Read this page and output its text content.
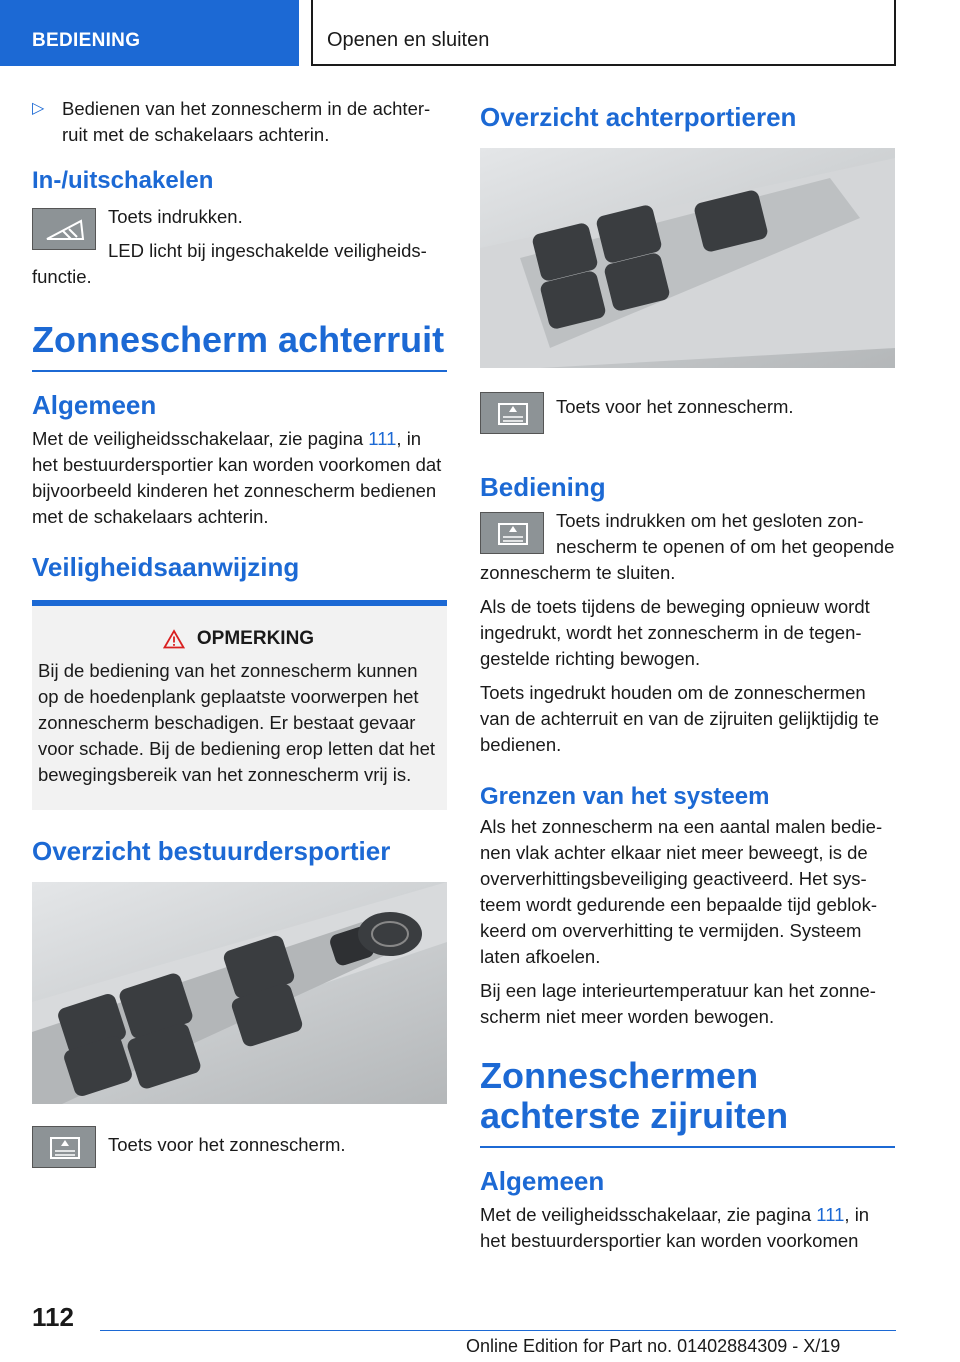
BEDIENING	Openen en sluiten

▷ Bedienen van het zonnescherm in de achterruit met de schakelaars achterin.

In-/uitschakelen

Toets indrukken.

LED licht bij ingeschakelde veiligheidsfunctie.

Zonnescherm achterruit
Algemeen

Met de veiligheidsschakelaar, zie pagina 111, in het bestuurdersportier kan worden voorkomen dat bijvoorbeeld kinderen het zonnescherm bedienen met de schakelaars achterin.

Veiligheidsaanwijzing
OPMERKING

Bij de bediening van het zonnescherm kunnen op de hoedenplank geplaatste voorwerpen het zonnescherm beschadigen. Er bestaat gevaar voor schade. Bij de bediening erop letten dat het bewegingsbereik van het zonnescherm vrij is.

Overzicht bestuurdersportier

Toets voor het zonnescherm.

Overzicht achterportieren

Toets voor het zonnescherm.

Bediening

Toets indrukken om het gesloten zonnescherm te openen of om het geopende zonnescherm te sluiten.

Als de toets tijdens de beweging opnieuw wordt ingedrukt, wordt het zonnescherm in de tegengestelde richting bewogen.

Toets ingedrukt houden om de zonneschermen van de achterruit en van de zijruiten gelijktijdig te bedienen.

Grenzen van het systeem

Als het zonnescherm na een aantal malen bedienen vlak achter elkaar niet meer beweegt, is de oververhittingsbeveiliging geactiveerd. Het systeem wordt gedurende een bepaalde tijd geblokkeerd om oververhitting te vermijden. Systeem laten afkoelen.

Bij een lage interieurtemperatuur kan het zonnescherm niet meer worden bewogen.

Zonneschermen achterste zijruiten
Algemeen

Met de veiligheidsschakelaar, zie pagina 111, in het bestuurdersportier kan worden voorkomen

112
Online Edition for Part no. 01402884309 - X/19
